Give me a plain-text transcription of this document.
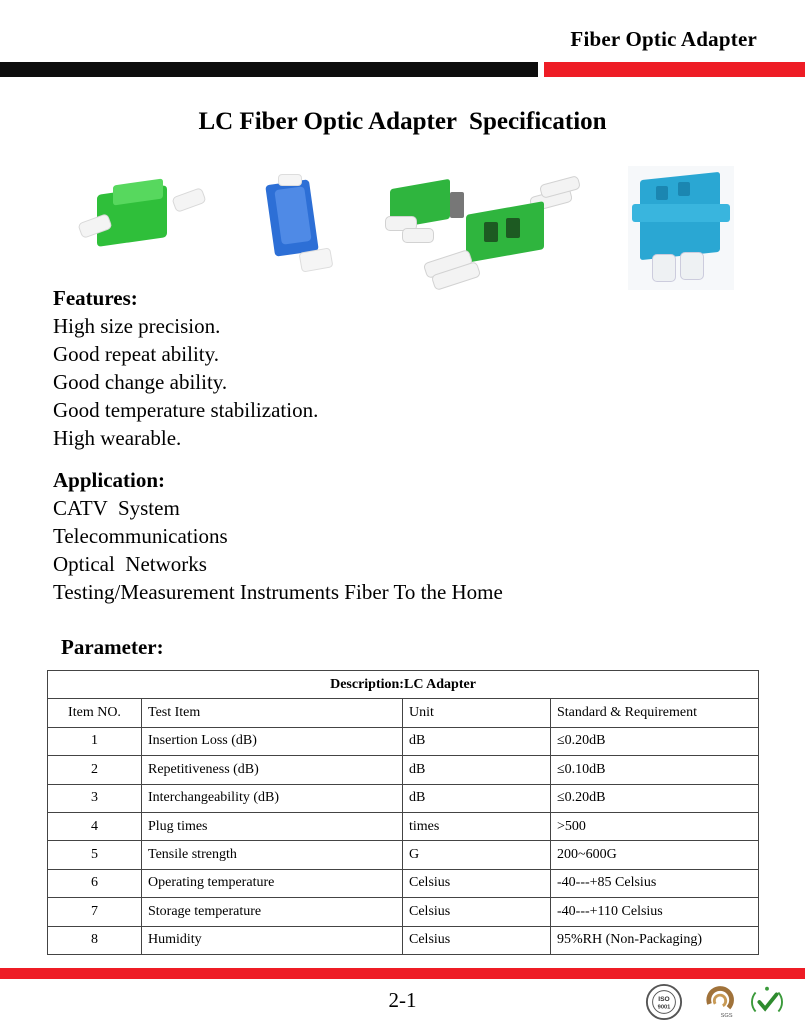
Fiber Optic Adapter
LC Fiber Optic Adapter  Specification
Features:
High size precision.
Good repeat ability.
Good change ability.
Good temperature stabilization.
High wearable.
Application:
CATV  System
Telecommunications
Optical  Networks
Testing/Measurement Instruments Fiber To the Home
Parameter:
Description:LC Adapter			
Item NO.	Test Item	Unit	Standard & Requirement
1	Insertion Loss (dB)	dB	≤0.20dB
2	Repetitiveness (dB)	dB	≤0.10dB
3	Interchangeability (dB)	dB	≤0.20dB
4	Plug times	times	>500
5	Tensile strength	G	200~600G
6	Operating temperature	Celsius	-40---+85 Celsius
7	Storage temperature	Celsius	-40---+110 Celsius
8	Humidity	Celsius	95%RH (Non-Packaging)
2-1	ISO
9001
SGS
